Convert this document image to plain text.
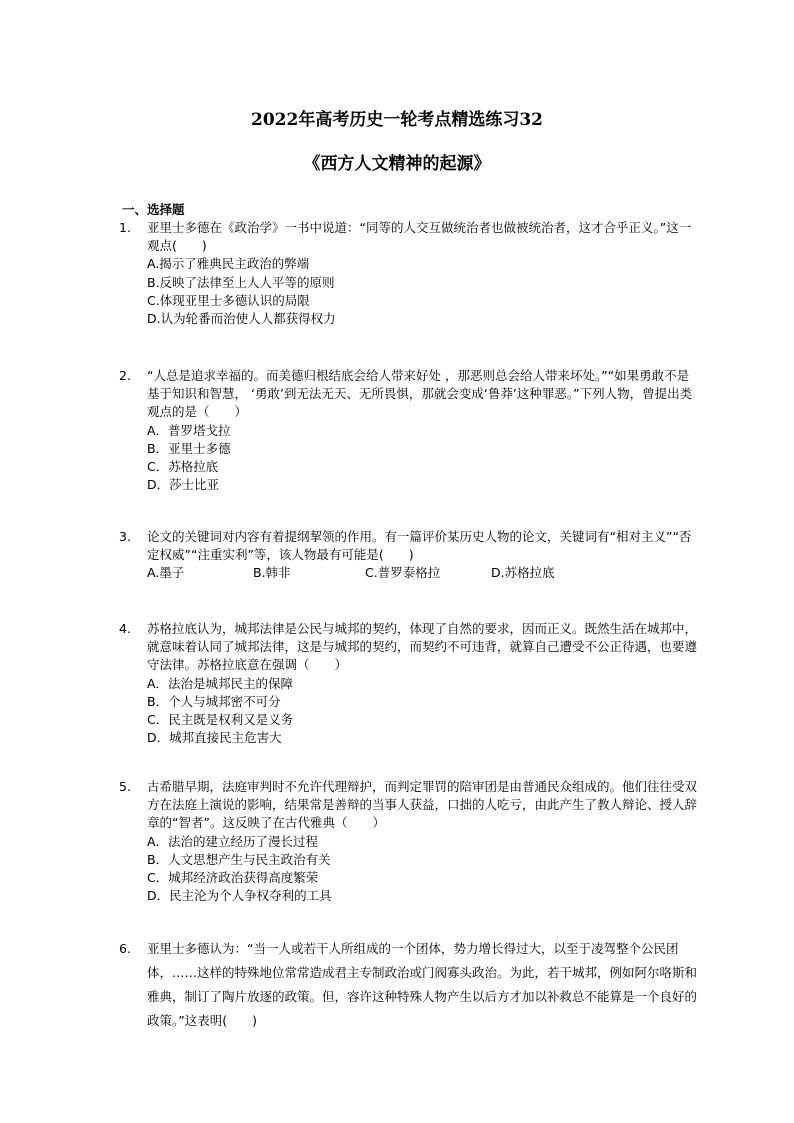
2022年高考历史一轮考点精选练习32
《西方人文精神的起源》
一、选择题

1. 亚里士多德在《政治学》一书中说道：“同等的人交互做统治者也做被统治者，这才合乎正义。”这一观点(　　)

A.揭示了雅典民主政治的弊端

B.反映了法律至上人人平等的原则

C.体现亚里士多德认识的局限

D.认为轮番而治使人人都获得权力

2. “人总是追求幸福的。而美德归根结底会给人带来好处 ，那恶则总会给人带来坏处。”“如果勇敢不是基于知识和智慧， ‘勇敢’到无法无天、无所畏惧，那就会变成‘鲁莽’这种罪恶。”下列人物，曾提出类观点的是（　　）

A．普罗塔戈拉

B．亚里士多德

C．苏格拉底

D．莎士比亚

3. 论文的关键词对内容有着提纲挈领的作用。有一篇评价某历史人物的论文，关键词有“相对主义”“否定权威”“注重实利”等，该人物最有可能是(　　)

A.墨子	B.韩非	C.普罗泰格拉	D.苏格拉底

4. 苏格拉底认为，城邦法律是公民与城邦的契约，体现了自然的要求，因而正义。既然生活在城邦中，就意味着认同了城邦法律，这是与城邦的契约，而契约不可违背，就算自己遭受不公正待遇，也要遵守法律。苏格拉底意在强调（　　）

A．法治是城邦民主的保障

B．个人与城邦密不可分

C．民主既是权利又是义务

D．城邦直接民主危害大

5. 古希腊早期，法庭审判时不允许代理辩护，而判定罪罚的陪审团是由普通民众组成的。他们往往受双方在法庭上演说的影响，结果常是善辩的当事人获益，口拙的人吃亏，由此产生了教人辩论、授人辞章的“智者”。这反映了在古代雅典（　　）

A．法治的建立经历了漫长过程

B．人文思想产生与民主政治有关

C．城邦经济政治获得高度繁荣

D．民主沦为个人争权夺利的工具

6. 亚里士多德认为：“当一人或若干人所组成的一个团体，势力增长得过大，以至于凌驾整个公民团体，……这样的特殊地位常常造成君主专制政治或门阀寡头政治。为此，若干城邦，例如阿尔咯斯和雅典，制订了陶片放逐的政策。但，容许这种特殊人物产生以后方才加以补救总不能算是一个良好的政策。”这表明(　　)
